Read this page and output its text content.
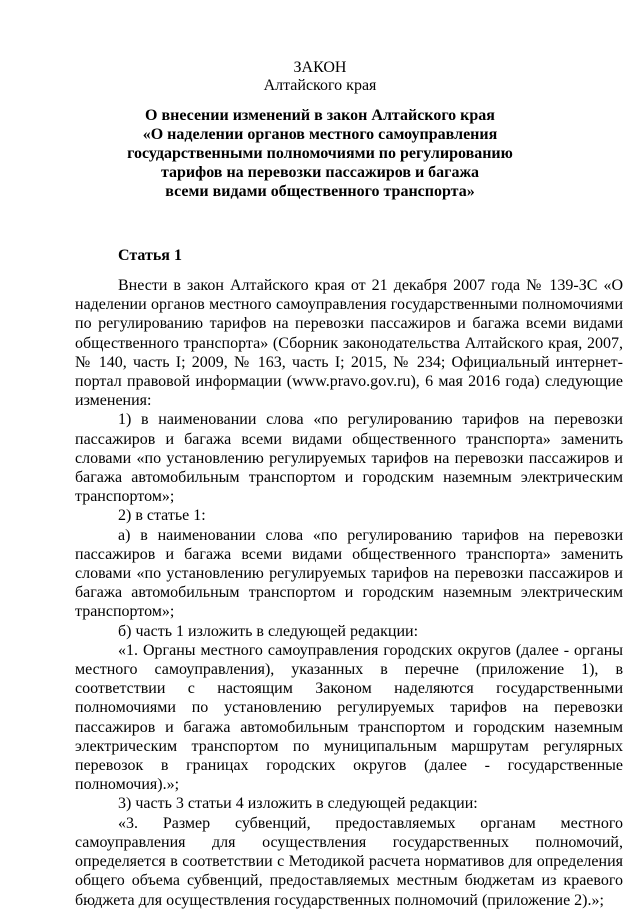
ЗАКОН
Алтайского края
О внесении изменений в закон Алтайского края
«О наделении органов местного самоуправления
государственными полномочиями по регулированию
тарифов на перевозки пассажиров и багажа
всеми видами общественного транспорта»
Статья 1

Внести в закон Алтайского края от 21 декабря 2007 года № 139-ЗС «О наделении органов местного самоуправления государственными полномочиями по регулированию тарифов на перевозки пассажиров и багажа всеми видами общественного транспорта» (Сборник законодательства Алтайского края, 2007, № 140, часть I; 2009, № 163, часть I; 2015, № 234; Официальный интернет-портал правовой информации (www.pravo.gov.ru), 6 мая 2016 года) следующие изменения:

1) в наименовании слова «по регулированию тарифов на перевозки пассажиров и багажа всеми видами общественного транспорта» заменить словами «по установлению регулируемых тарифов на перевозки пассажиров и багажа автомобильным транспортом и городским наземным электрическим транспортом»;

2) в статье 1:

а) в наименовании слова «по регулированию тарифов на перевозки пассажиров и багажа всеми видами общественного транспорта» заменить словами «по установлению регулируемых тарифов на перевозки пассажиров и багажа автомобильным транспортом и городским наземным электрическим транспортом»;

б) часть 1 изложить в следующей редакции:

«1. Органы местного самоуправления городских округов (далее - органы местного самоуправления), указанных в перечне (приложение 1), в соответствии с настоящим Законом наделяются государственными полномочиями по установлению регулируемых тарифов на перевозки пассажиров и багажа автомобильным транспортом и городским наземным электрическим транспортом по муниципальным маршрутам регулярных перевозок в границах городских округов (далее - государственные полномочия).»;

3) часть 3 статьи 4 изложить в следующей редакции:

«3. Размер субвенций, предоставляемых органам местного самоуправления для осуществления государственных полномочий, определяется в соответствии с Методикой расчета нормативов для определения общего объема субвенций, предоставляемых местным бюджетам из краевого бюджета для осуществления государственных полномочий (приложение 2).»;
